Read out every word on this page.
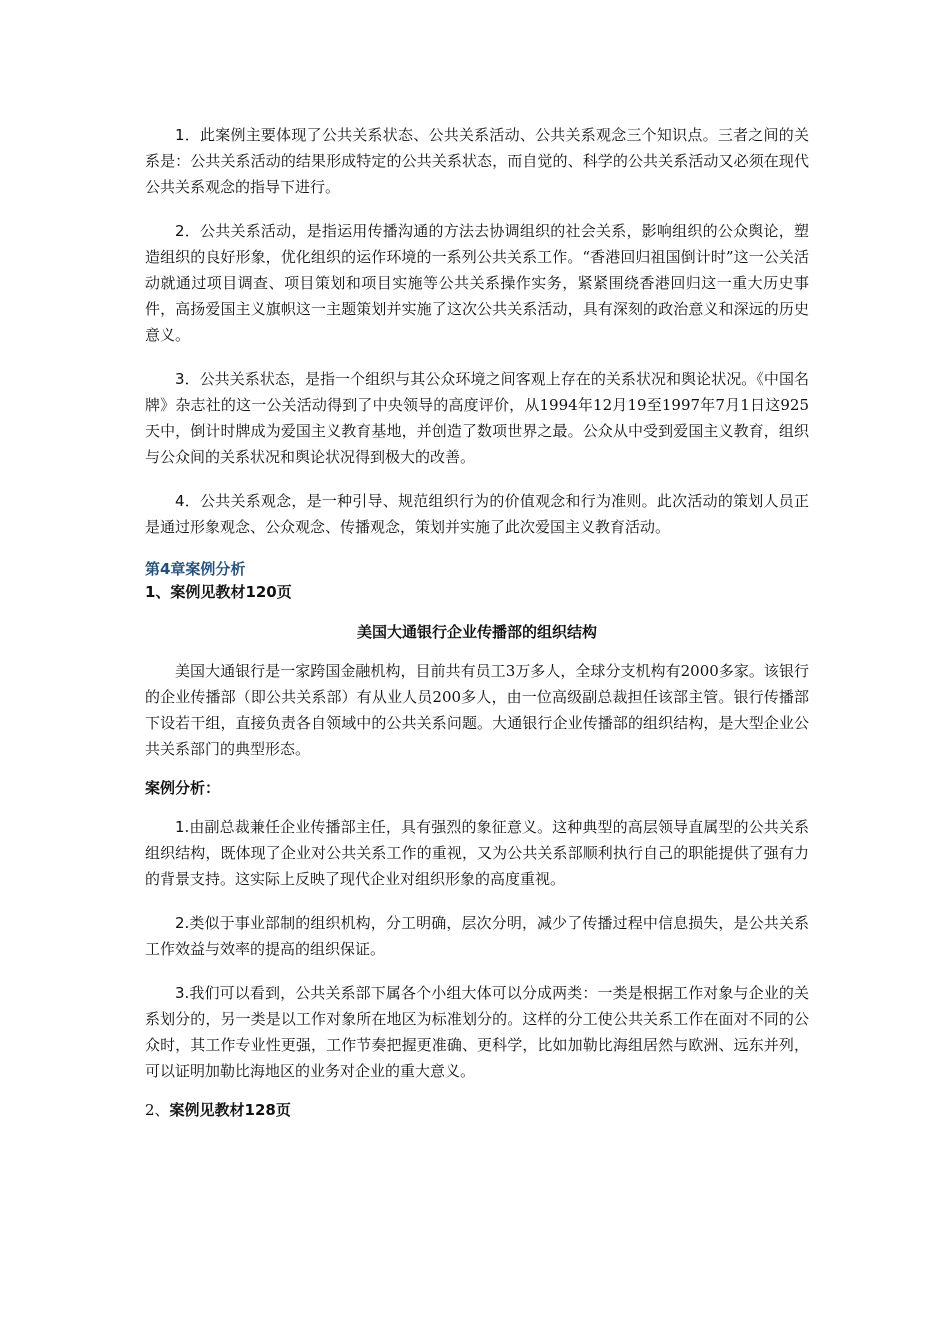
1．此案例主要体现了公共关系状态、公共关系活动、公共关系观念三个知识点。三者之间的关系是：公共关系活动的结果形成特定的公共关系状态，而自觉的、科学的公共关系活动又必须在现代公共关系观念的指导下进行。

2．公共关系活动，是指运用传播沟通的方法去协调组织的社会关系，影响组织的公众舆论，塑造组织的良好形象，优化组织的运作环境的一系列公共关系工作。“香港回归祖国倒计时”这一公关活动就通过项目调查、项目策划和项目实施等公共关系操作实务，紧紧围绕香港回归这一重大历史事件，高扬爱国主义旗帜这一主题策划并实施了这次公共关系活动，具有深刻的政治意义和深远的历史意义。

3．公共关系状态，是指一个组织与其公众环境之间客观上存在的关系状况和舆论状况。《中国名牌》杂志社的这一公关活动得到了中央领导的高度评价，从1994年12月19至1997年7月1日这925天中，倒计时牌成为爱国主义教育基地，并创造了数项世界之最。公众从中受到爱国主义教育，组织与公众间的关系状况和舆论状况得到极大的改善。

4．公共关系观念，是一种引导、规范组织行为的价值观念和行为准则。此次活动的策划人员正是通过形象观念、公众观念、传播观念，策划并实施了此次爱国主义教育活动。

第4章案例分析
1、案例见教材120页
美国大通银行企业传播部的组织结构

美国大通银行是一家跨国金融机构，目前共有员工3万多人，全球分支机构有2000多家。该银行的企业传播部（即公共关系部）有从业人员200多人，由一位高级副总裁担任该部主管。银行传播部下设若干组，直接负责各自领域中的公共关系问题。大通银行企业传播部的组织结构，是大型企业公共关系部门的典型形态。

案例分析：

1.由副总裁兼任企业传播部主任，具有强烈的象征意义。这种典型的高层领导直属型的公共关系组织结构，既体现了企业对公共关系工作的重视，又为公共关系部顺利执行自己的职能提供了强有力的背景支持。这实际上反映了现代企业对组织形象的高度重视。

2.类似于事业部制的组织机构，分工明确，层次分明，减少了传播过程中信息损失，是公共关系工作效益与效率的提高的组织保证。

3.我们可以看到，公共关系部下属各个小组大体可以分成两类：一类是根据工作对象与企业的关系划分的，另一类是以工作对象所在地区为标准划分的。这样的分工使公共关系工作在面对不同的公众时，其工作专业性更强，工作节奏把握更准确、更科学，比如加勒比海组居然与欧洲、远东并列，可以证明加勒比海地区的业务对企业的重大意义。

2、案例见教材128页
